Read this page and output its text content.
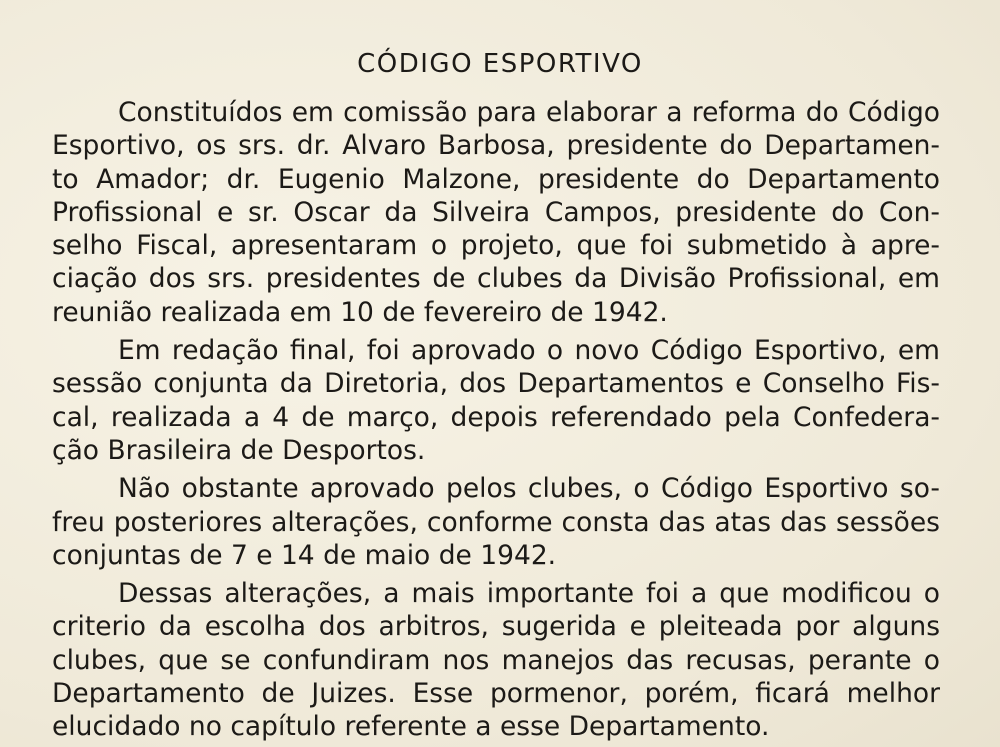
CÓDIGO ESPORTIVO
Constituídos em comissão para elaborar a reforma do Código
Esportivo, os srs. dr. Alvaro Barbosa, presidente do Departamen-
to Amador; dr. Eugenio Malzone, presidente do Departamento
Profissional e sr. Oscar da Silveira Campos, presidente do Con-
selho Fiscal, apresentaram o projeto, que foi submetido à apre-
ciação dos srs. presidentes de clubes da Divisão Profissional, em
reunião realizada em 10 de fevereiro de 1942.
Em redação final, foi aprovado o novo Código Esportivo, em
sessão conjunta da Diretoria, dos Departamentos e Conselho Fis-
cal, realizada a 4 de março, depois referendado pela Confedera-
ção Brasileira de Desportos.
Não obstante aprovado pelos clubes, o Código Esportivo so-
freu posteriores alterações, conforme consta das atas das sessões
conjuntas de 7 e 14 de maio de 1942.
Dessas alterações, a mais importante foi a que modificou o
criterio da escolha dos arbitros, sugerida e pleiteada por alguns
clubes, que se confundiram nos manejos das recusas, perante o
Departamento de Juizes. Esse pormenor, porém, ficará melhor
elucidado no capítulo referente a esse Departamento.
